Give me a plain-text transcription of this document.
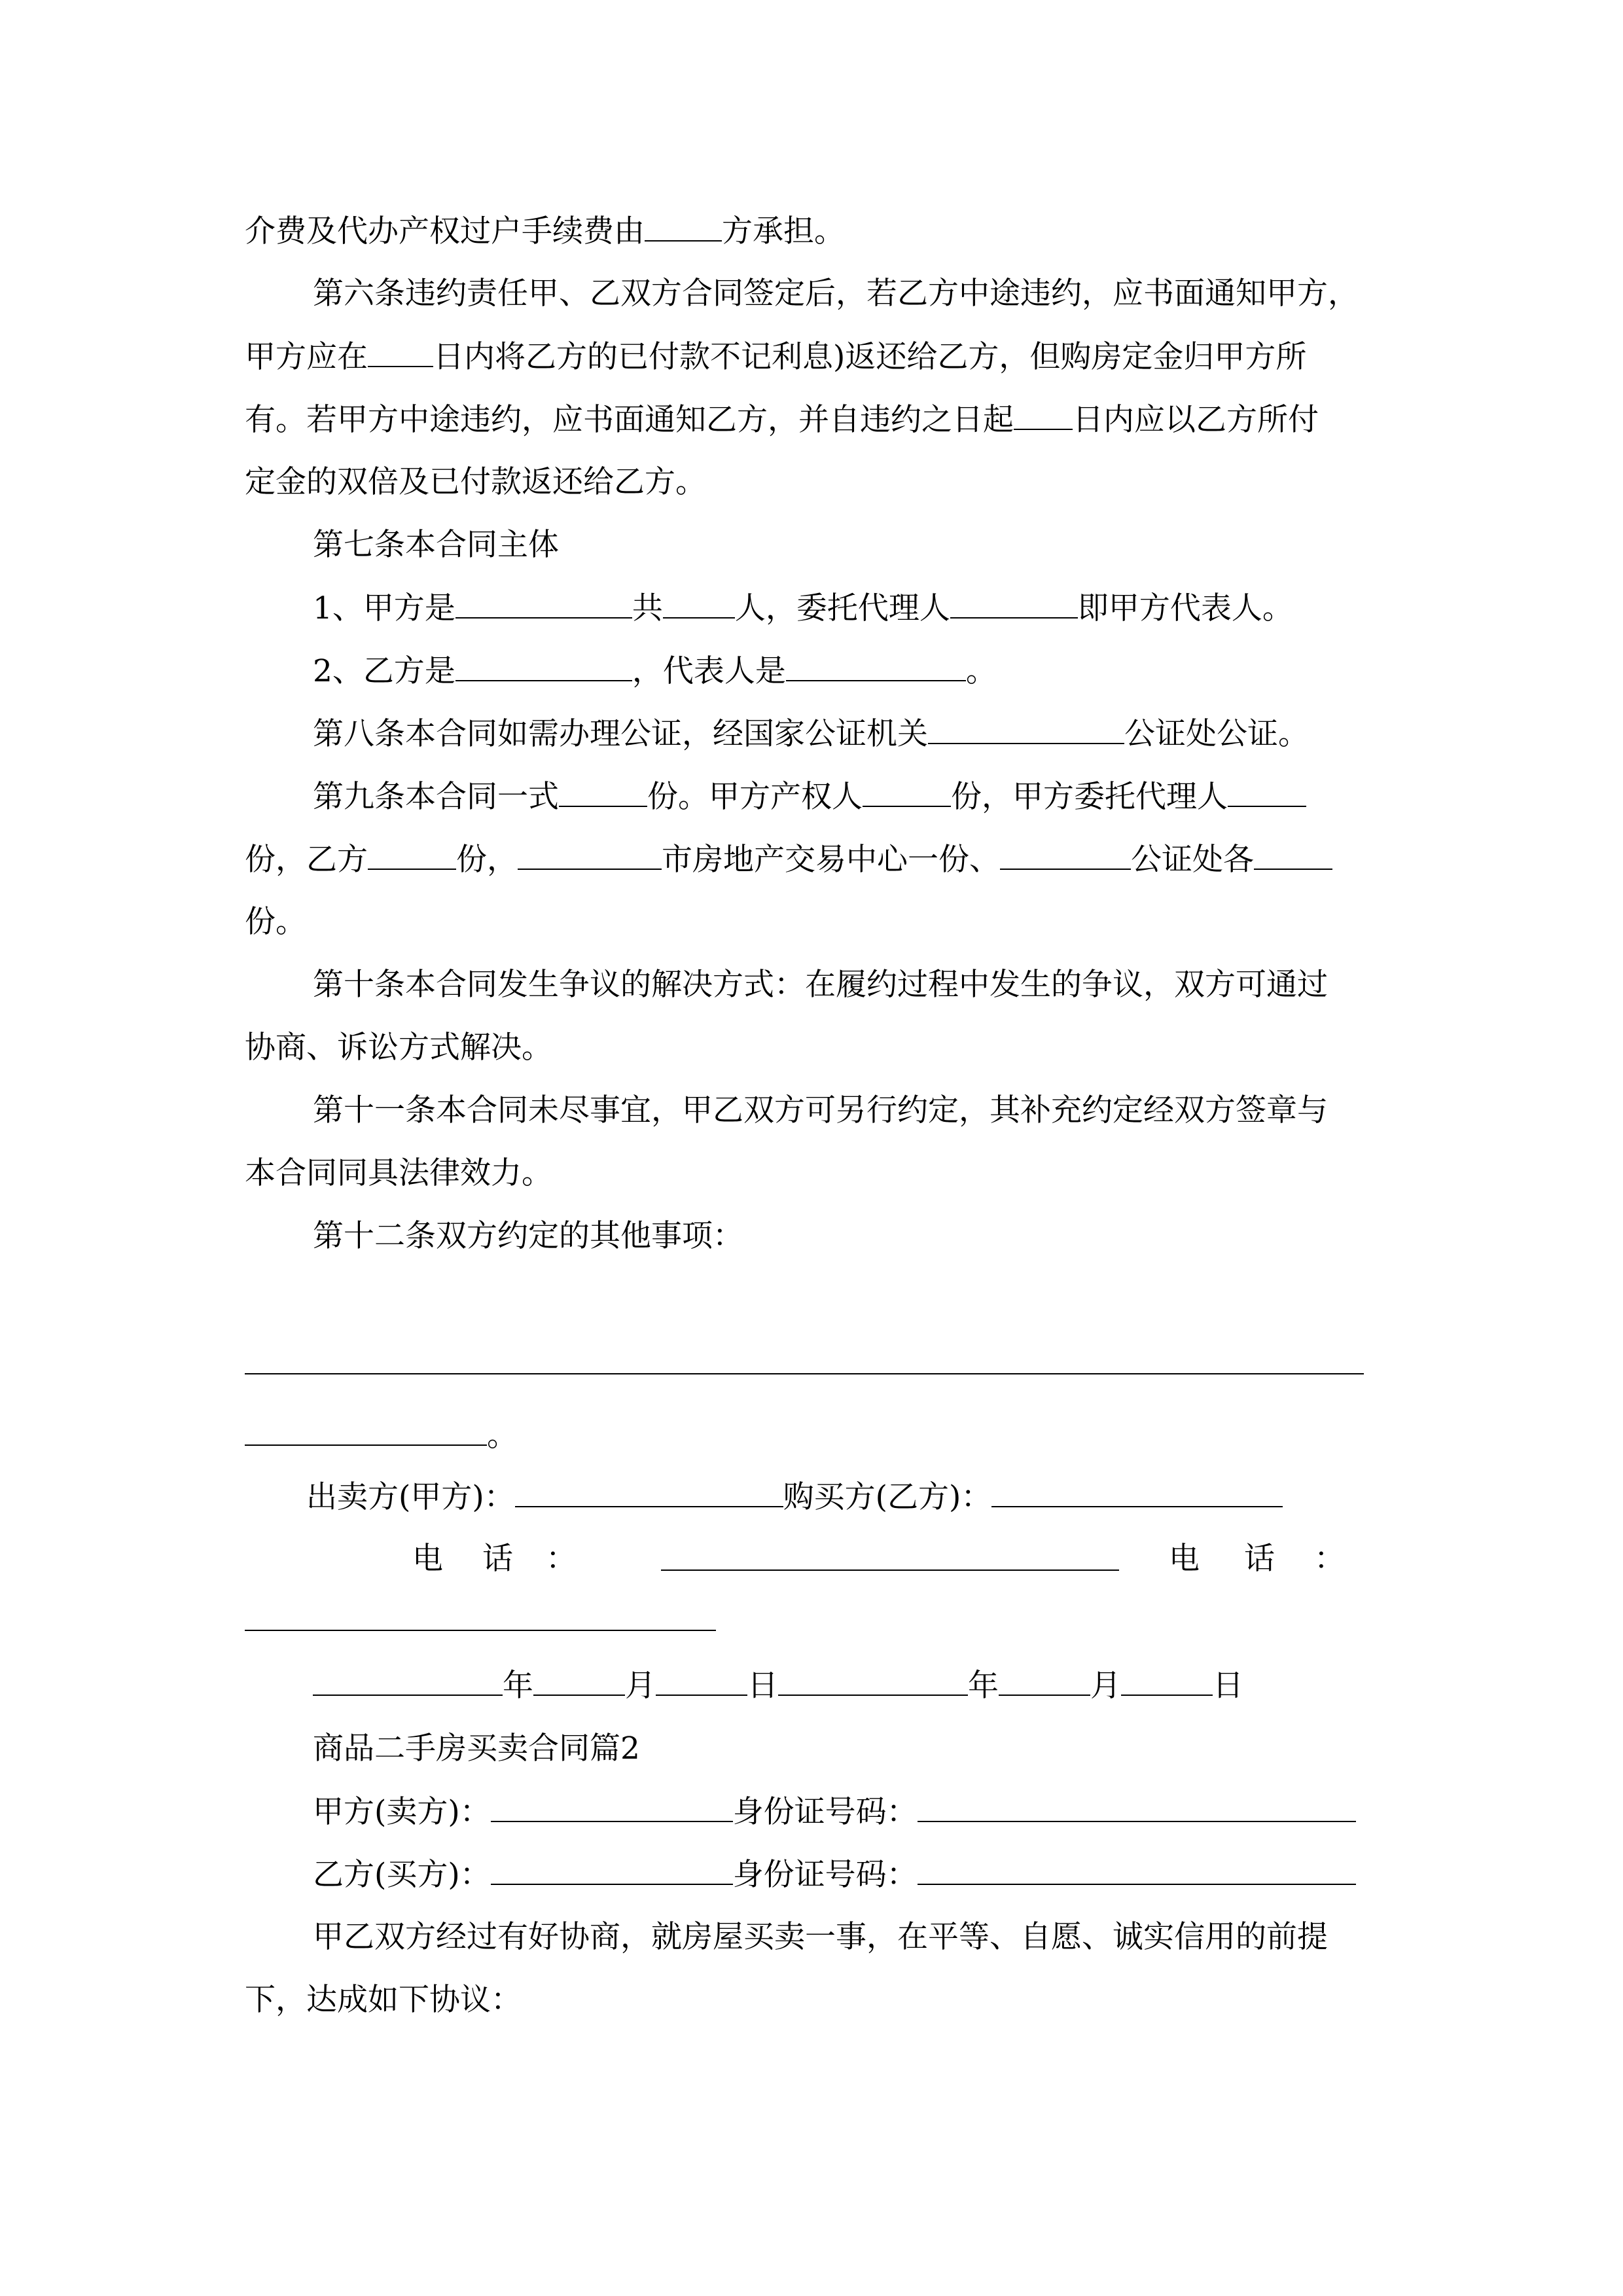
介费及代办产权过户手续费由	方承担。
第六条违约责任甲、乙双方合同签定后，若乙方中途违约，应书面通知甲方，
甲方应在 日内将乙方的已付款不记利息)返还给乙方，但购房定金归甲方所
有。若甲方中途违约，应书面通知乙方，并自违约之日起 日内应以乙方所付
定金的双倍及已付款返还给乙方。
第七条本合同主体
1、甲方是	共 人，委托代理人	即甲方代表人。
2、乙方是	，代表人是	。
第八条本合同如需办理公证，经国家公证机关	公证处公证。
第九条本合同一式	份。甲方产权人	份，甲方委托代理人
份，乙方	份，	市房地产交易中心一份、	公证处各
份。
第十条本合同发生争议的解决方式：在履约过程中发生的争议，双方可通过
协商、诉讼方式解决。
第十一条本合同未尽事宜，甲乙双方可另行约定，其补充约定经双方签章与
本合同同具法律效力。
第十二条双方约定的其他事项：
。
出卖方(甲方)：	购买方(乙方)：
电 话 ：	电 话 ：
年	月	日	年	月	日
商品二手房买卖合同篇2
甲方(卖方)：	身份证号码：
乙方(买方)：	身份证号码：
甲乙双方经过有好协商，就房屋买卖一事，在平等、自愿、诚实信用的前提
下，达成如下协议：
